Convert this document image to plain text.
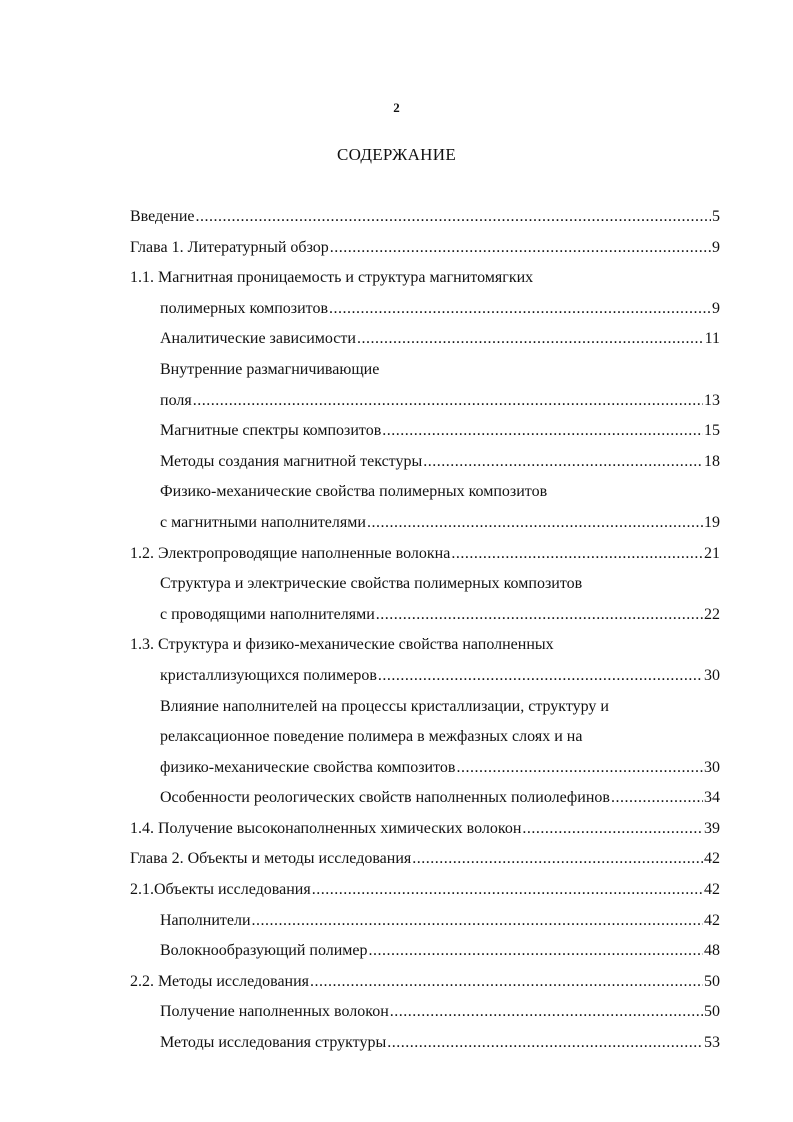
2
СОДЕРЖАНИЕ
Введение .....	5
Глава 1. Литературный обзор .....	9
1.1. Магнитная проницаемость и структура магнитомягких
полимерных композитов .....	9
Аналитические зависимости .....	11
Внутренние размагничивающие
поля .....	13
Магнитные спектры композитов .....	15
Методы создания магнитной текстуры .....	18
Физико-механические свойства полимерных композитов
с магнитными наполнителями .....	19
1.2. Электропроводящие наполненные волокна .....	21
Структура и электрические свойства полимерных композитов
с проводящими наполнителями .....	22
1.3. Структура и физико-механические свойства наполненных
кристаллизующихся полимеров .....	30
Влияние наполнителей на процессы кристаллизации, структуру и
релаксационное поведение полимера в межфазных слоях и на
физико-механические свойства композитов .....	30
Особенности реологических свойств наполненных полиолефинов .....	34
1.4. Получение высоконаполненных химических волокон .....	39
Глава 2. Объекты и методы исследования .....	42
2.1.Объекты исследования .....	42
Наполнители .....	42
Волокнообразующий полимер .....	48
2.2. Методы исследования .....	50
Получение наполненных волокон .....	50
Методы исследования структуры .....	53
